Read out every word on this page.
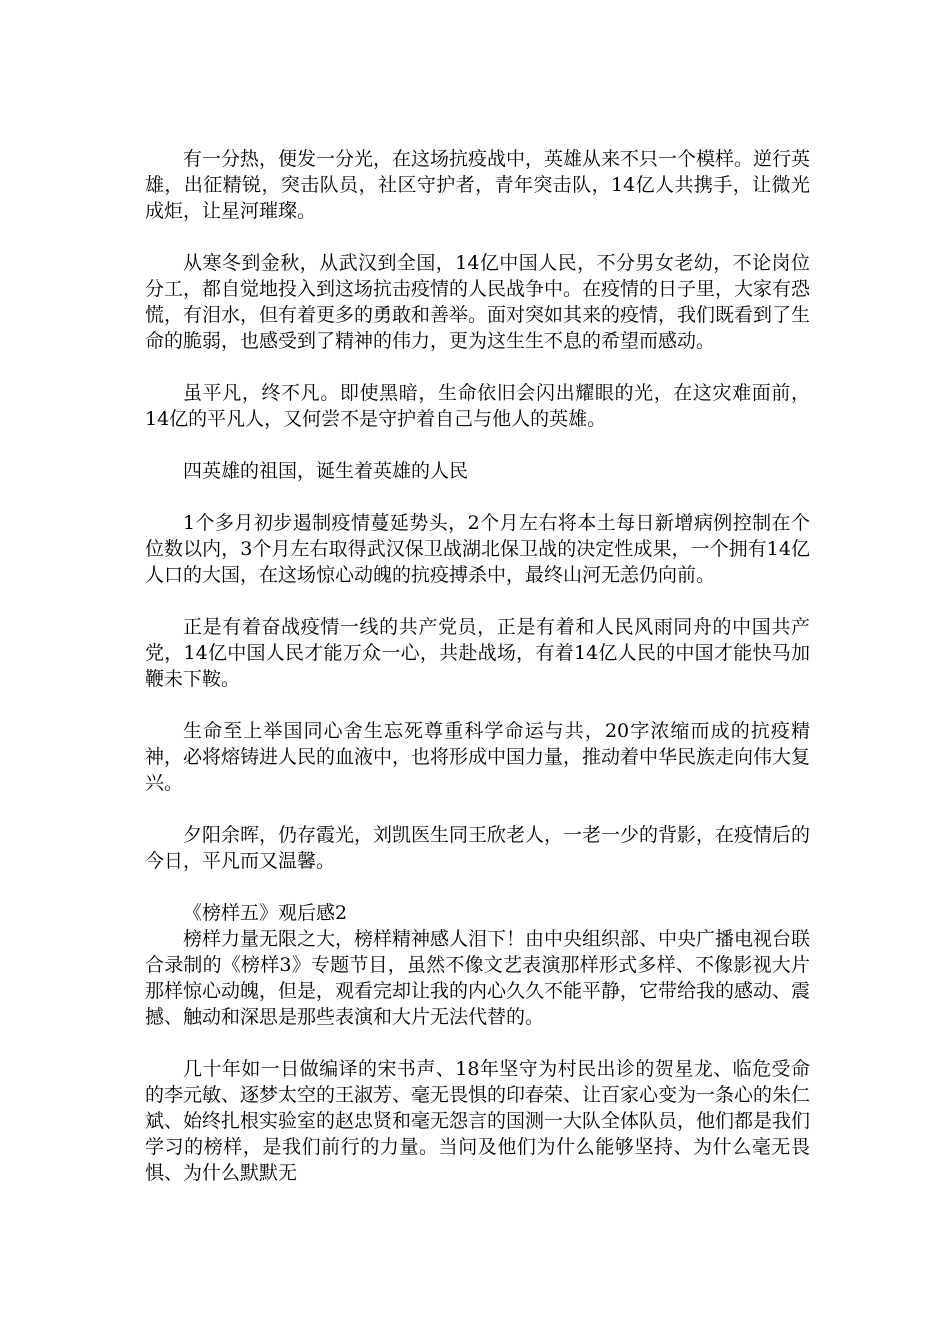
有一分热，便发一分光，在这场抗疫战中，英雄从来不只一个模样。逆行英雄，出征精锐，突击队员，社区守护者，青年突击队，14亿人共携手，让微光成炬，让星河璀璨。

从寒冬到金秋，从武汉到全国，14亿中国人民，不分男女老幼，不论岗位分工，都自觉地投入到这场抗击疫情的人民战争中。在疫情的日子里，大家有恐慌，有泪水，但有着更多的勇敢和善举。面对突如其来的疫情，我们既看到了生命的脆弱，也感受到了精神的伟力，更为这生生不息的希望而感动。

虽平凡，终不凡。即使黑暗，生命依旧会闪出耀眼的光，在这灾难面前，14亿的平凡人，又何尝不是守护着自己与他人的英雄。

四英雄的祖国，诞生着英雄的人民

1个多月初步遏制疫情蔓延势头，2个月左右将本土每日新增病例控制在个位数以内，3个月左右取得武汉保卫战湖北保卫战的决定性成果，一个拥有14亿人口的大国，在这场惊心动魄的抗疫搏杀中，最终山河无恙仍向前。

正是有着奋战疫情一线的共产党员，正是有着和人民风雨同舟的中国共产党，14亿中国人民才能万众一心，共赴战场，有着14亿人民的中国才能快马加鞭未下鞍。

生命至上举国同心舍生忘死尊重科学命运与共，20字浓缩而成的抗疫精神，必将熔铸进人民的血液中，也将形成中国力量，推动着中华民族走向伟大复兴。

夕阳余晖，仍存霞光，刘凯医生同王欣老人，一老一少的背影，在疫情后的今日，平凡而又温馨。

《榜样五》观后感2

榜样力量无限之大，榜样精神感人泪下！由中央组织部、中央广播电视台联合录制的《榜样3》专题节目，虽然不像文艺表演那样形式多样、不像影视大片那样惊心动魄，但是，观看完却让我的内心久久不能平静，它带给我的感动、震撼、触动和深思是那些表演和大片无法代替的。

几十年如一日做编译的宋书声、18年坚守为村民出诊的贺星龙、临危受命的李元敏、逐梦太空的王淑芳、毫无畏惧的印春荣、让百家心变为一条心的朱仁斌、始终扎根实验室的赵忠贤和毫无怨言的国测一大队全体队员，他们都是我们学习的榜样，是我们前行的力量。当问及他们为什么能够坚持、为什么毫无畏惧、为什么默默无
